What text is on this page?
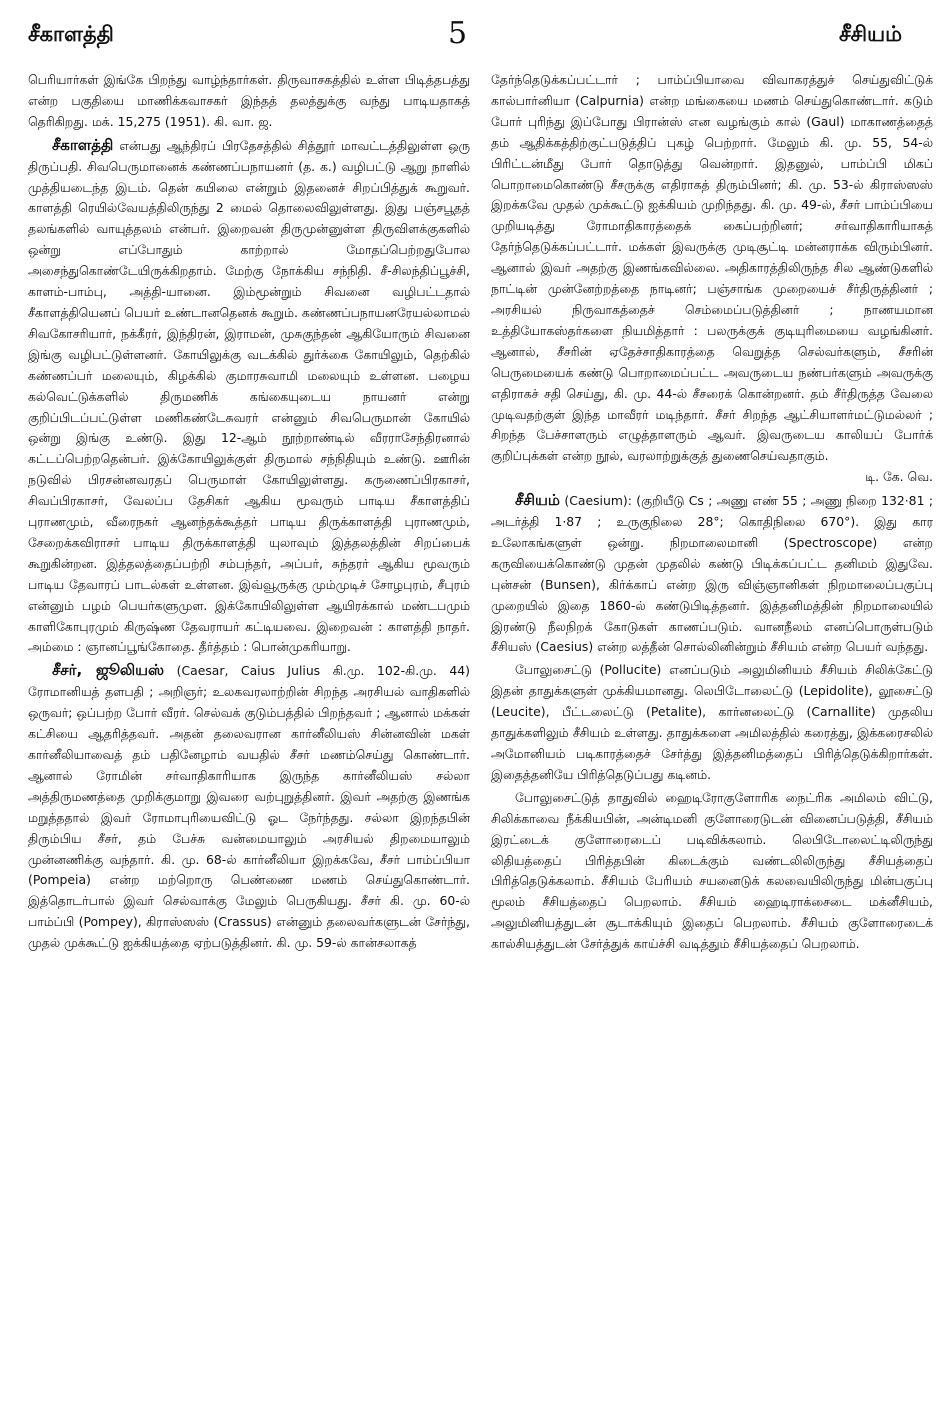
சீகாளத்தி	5	சீசியம்

பெரியார்கள் இங்கே பிறந்து வாழ்ந்தார்கள். திருவாசகத்தில் உள்ள பிடித்தபத்து என்ற பகுதியை மாணிக்கவாசகர் இந்தத் தலத்துக்கு வந்து பாடியதாகத் தெரிகிறது. மக். 15,275 (1951). கி. வா. ஜ.

சீகாளத்தி என்பது ஆந்திரப் பிரதேசத்தில் சித்தூர் மாவட்டத்திலுள்ள ஒரு திருப்பதி. சிவபெருமானைக் கண்ணப்பநாயனர் (த. க.) வழிபட்டு ஆறு நாளில் முத்தியடைந்த இடம். தென் கயிலை என்றும் இதனைச் சிறப்பித்துக் கூறுவர். காளத்தி ரெயில்வேயத்திலிருந்து 2 மைல் தொலைவிலுள்ளது. இது பஞ்சபூதத் தலங்களில் வாயுத்தலம் என்பர். இறைவன் திருமுன்னுள்ள திருவிளக்குகளில் ஒன்று எப்போதும் காற்றால் மோதப்பெற்றதுபோல அசைந்துகொண்டேயிருக்கிறதாம். மேற்கு நோக்கிய சந்நிதி. சீ-சிலந்திப்பூச்சி, காளம்-பாம்பு, அத்தி-யானை. இம்மூன்றும் சிவனை வழிபட்டதால் சீகாளத்தியெனப் பெயர் உண்டானதெனக் கூறும். கண்ணப்பநாயனரேயல்லாமல் சிவகோசரியார், நக்கீரர், இந்திரன், இராமன், முசுகுந்தன் ஆகியோரும் சிவனை இங்கு வழிபட்டுள்ளனர். கோயிலுக்கு வடக்கில் துர்க்கை கோயிலும், தெற்கில் கண்ணப்பர் மலையும், கிழக்கில் குமாரசுவாமி மலையும் உள்ளன. பழைய கல்வெட்டுக்களில் திருமணிக் கங்கையுடைய நாயனர் என்று குறிப்பிடப்பட்டுள்ள மணிகண்டேசுவரர் என்னும் சிவபெருமான் கோயில் ஒன்று இங்கு உண்டு. இது 12-ஆம் நூற்றாண்டில் வீரராசேந்திரனால் கட்டப்பெற்றதென்பர். இக்கோயிலுக்குள் திருமால் சந்நிதியும் உண்டு. ஊரின் நடுவில் பிரசன்னவரதப் பெருமாள் கோயிலுள்ளது. கருணைப்பிரகாசர், சிவப்பிரகாசர், வேலப்ப தேசிகர் ஆகிய மூவரும் பாடிய சீகாளத்திப் புராணமும், வீரைநகர் ஆனந்தக்கூத்தர் பாடிய திருக்காளத்தி புராணமும், சேறைக்கவிராசர் பாடிய திருக்காளத்தி யுலாவும் இத்தலத்தின் சிறப்பைக் கூறுகின்றன. இத்தலத்தைப்பற்றி சம்பந்தர், அப்பர், சுந்தரர் ஆகிய மூவரும் பாடிய தேவாரப் பாடல்கள் உள்ளன. இவ்வூருக்கு மும்முடிச் சோழபுரம், சீபுரம் என்னும் பழம் பெயர்களுமுள. இக்கோயிலிலுள்ள ஆயிரக்கால் மண்டபமும் காளிகோபுரமும் கிருஷ்ண தேவராயர் கட்டியவை. இறைவன் : காளத்தி நாதர். அம்மை : ஞானப்பூங்கோதை. தீர்த்தம் : பொன்முகரியாறு.

சீசர், ஜூலியஸ் (Caesar, Caius Julius கி.மு. 102-கி.மு. 44) ரோமானியத் தளபதி ; அறிஞர்; உலகவரலாற்றின் சிறந்த அரசியல் வாதிகளில் ஒருவர்; ஒப்பற்ற போர் வீரர். செல்வக் குடும்பத்தில் பிறந்தவர் ; ஆனால் மக்கள் கட்சியை ஆதரித்தவர். அதன் தலைவரான கார்னீலியஸ் சின்னவின் மகள் கார்னீலியாவைத் தம் பதினேழாம் வயதில் சீசர் மணம்செய்து கொண்டார். ஆனால் ரோமின் சர்வாதிகாரியாக இருந்த கார்னீலியஸ் சல்லா அத்திருமணத்தை முறிக்குமாறு இவரை வற்புறுத்தினர். இவர் அதற்கு இணங்க மறுத்ததால் இவர் ரோமாபுரியைவிட்டு ஓட நேர்ந்தது. சல்லா இறந்தபின் திரும்பிய சீசர், தம் பேச்சு வன்மையாலும் அரசியல் திறமையாலும் முன்னணிக்கு வந்தார். கி. மு. 68-ல் கார்னீலியா இறக்கவே, சீசர் பாம்ப்பியா (Pompeia) என்ற மற்றொரு பெண்ணை மணம் செய்துகொண்டார். இத்தொடர்பால் இவர் செல்வாக்கு மேலும் பெருகியது. சீசர் கி. மு. 60-ல் பாம்ப்பி (Pompey), கிராஸ்ஸஸ் (Crassus) என்னும் தலைவர்களுடன் சேர்ந்து, முதல் முக்கூட்டு ஐக்கியத்தை ஏற்படுத்தினர். கி. மு. 59-ல் கான்சலாகத்

தேர்ந்தெடுக்கப்பட்டார் ; பாம்ப்பியாவை விவாகரத்துச் செய்துவிட்டுக் கால்பார்னியா (Calpurnia) என்ற மங்கையை மணம் செய்துகொண்டார். கடும் போர் புரிந்து இப்போது பிரான்ஸ் என வழங்கும் கால் (Gaul) மாகாணத்தைத் தம் ஆதிக்கத்திற்குட்படுத்திப் புகழ் பெற்றார். மேலும் கி. மு. 55, 54-ல் பிரிட்டன்மீது போர் தொடுத்து வென்றார். இதனுல், பாம்ப்பி மிகப் பொறாமைகொண்டு சீசருக்கு எதிராகத் திரும்பினர்; கி. மு. 53-ல் கிராஸ்ஸஸ் இறக்கவே முதல் முக்கூட்டு ஐக்கியம் முறிந்தது. கி. மு. 49-ல், சீசர் பாம்ப்பியை முறியடித்து ரோமாதிகாரத்தைக் கைப்பற்றினர்; சர்வாதிகாரியாகத் தேர்ந்தெடுக்கப்பட்டார். மக்கள் இவருக்கு முடிசூட்டி மன்னராக்க விரும்பினர். ஆனால் இவர் அதற்கு இணங்கவில்லை. அதிகாரத்திலிருந்த சில ஆண்டுகளில் நாட்டின் முன்னேற்றத்தை நாடினர்; பஞ்சாங்க முறையைச் சீர்திருத்தினர் ; அரசியல் நிருவாகத்தைச் செம்மைப்படுத்தினர் ; நாணயமான உத்தியோகஸ்தர்களை நியமித்தார் : பலருக்குக் குடியுரிமையை வழங்கினர். ஆனால், சீசரின் ஏதேச்சாதிகாரத்தை வெறுத்த செல்வர்களும், சீசரின் பெருமையைக் கண்டு பொறாமைப்பட்ட அவருடைய நண்பர்களும் அவருக்கு எதிராகச் சதி செய்து, கி. மு. 44-ல் சீசரைக் கொன்றனர். தம் சீர்திருத்த வேலை முடிவதற்குள் இந்த மாவீரர் மடிந்தார். சீசர் சிறந்த ஆட்சியாளர்மட்டுமல்லர் ; சிறந்த பேச்சாளரும் எழுத்தாளரும் ஆவர். இவருடைய காலியப் போர்க் குறிப்புக்கள் என்ற நூல், வரலாற்றுக்குத் துணைசெய்வதாகும்.
டி. கே. வெ.

சீசியம் (Caesium): (குறியீடு Cs ; அணு எண் 55 ; அணு நிறை 132·81 ; அடர்த்தி 1·87 ; உருகுநிலை 28°; கொதிநிலை 670°). இது கார உலோகங்களுள் ஒன்று. நிறமாலைமானி (Spectroscope) என்ற கருவியைக்கொண்டு முதன் முதலில் கண்டு பிடிக்கப்பட்ட தனிமம் இதுவே. புன்சன் (Bunsen), கிர்க்காப் என்ற இரு விஞ்ஞானிகள் நிறமாலைப்பகுப்பு முறையில் இதை 1860-ல் கண்டுபிடித்தனர். இத்தனிமத்தின் நிறமாலையில் இரண்டு நீலநிறக் கோடுகள் காணப்படும். வானநீலம் எனப்பொருள்படும் சீசியஸ் (Caesius) என்ற லத்தீன் சொல்லினின்றும் சீசியம் என்ற பெயர் வந்தது.

போலுசைட்டு (Pollucite) எனப்படும் அலுமினியம் சீசியம் சிலிக்கேட்டு இதன் தாதுக்களுள் முக்கியமானது. லெபிடோலைட்டு (Lepidolite), லூசைட்டு (Leucite), பீட்டலைட்டு (Petalite), கார்னலைட்டு (Carnallite) முதலிய தாதுக்களிலும் சீசியம் உள்ளது. தாதுக்களை அமிலத்தில் கரைத்து, இக்கரைசலில் அமோனியம் படிகாரத்தைச் சேர்த்து இத்தனிமத்தைப் பிரித்தெடுக்கிறார்கள். இதைத்தனியே பிரித்தெடுப்பது கடினம்.

போலுசைட்டுத் தாதுவில் ஹைடிரோகுளோரிக நைட்ரிக அமிலம் விட்டு, சிலிக்காவை நீக்கியபின், அன்டிமனி குளோரைடுடன் வினைப்படுத்தி, சீசியம் இரட்டைக் குளோரைடைப் படிவிக்கலாம். லெபிடோலைட்டிலிருந்து லிதியத்தைப் பிரித்தபின் கிடைக்கும் வண்டலிலிருந்து சீசியத்தைப் பிரித்தெடுக்கலாம். சீசியம் பேரியம் சயனைடுக் கலவையிலிருந்து மின்பகுப்பு மூலம் சீசியத்தைப் பெறலாம். சீசியம் ஹைடிராக்சைடை மக்னீசியம், அலுமினியத்துடன் சூடாக்கியும் இதைப் பெறலாம். சீசியம் குளோரைடைக் கால்சியத்துடன் சேர்த்துக் காய்ச்சி வடித்தும் சீசியத்தைப் பெறலாம்.
